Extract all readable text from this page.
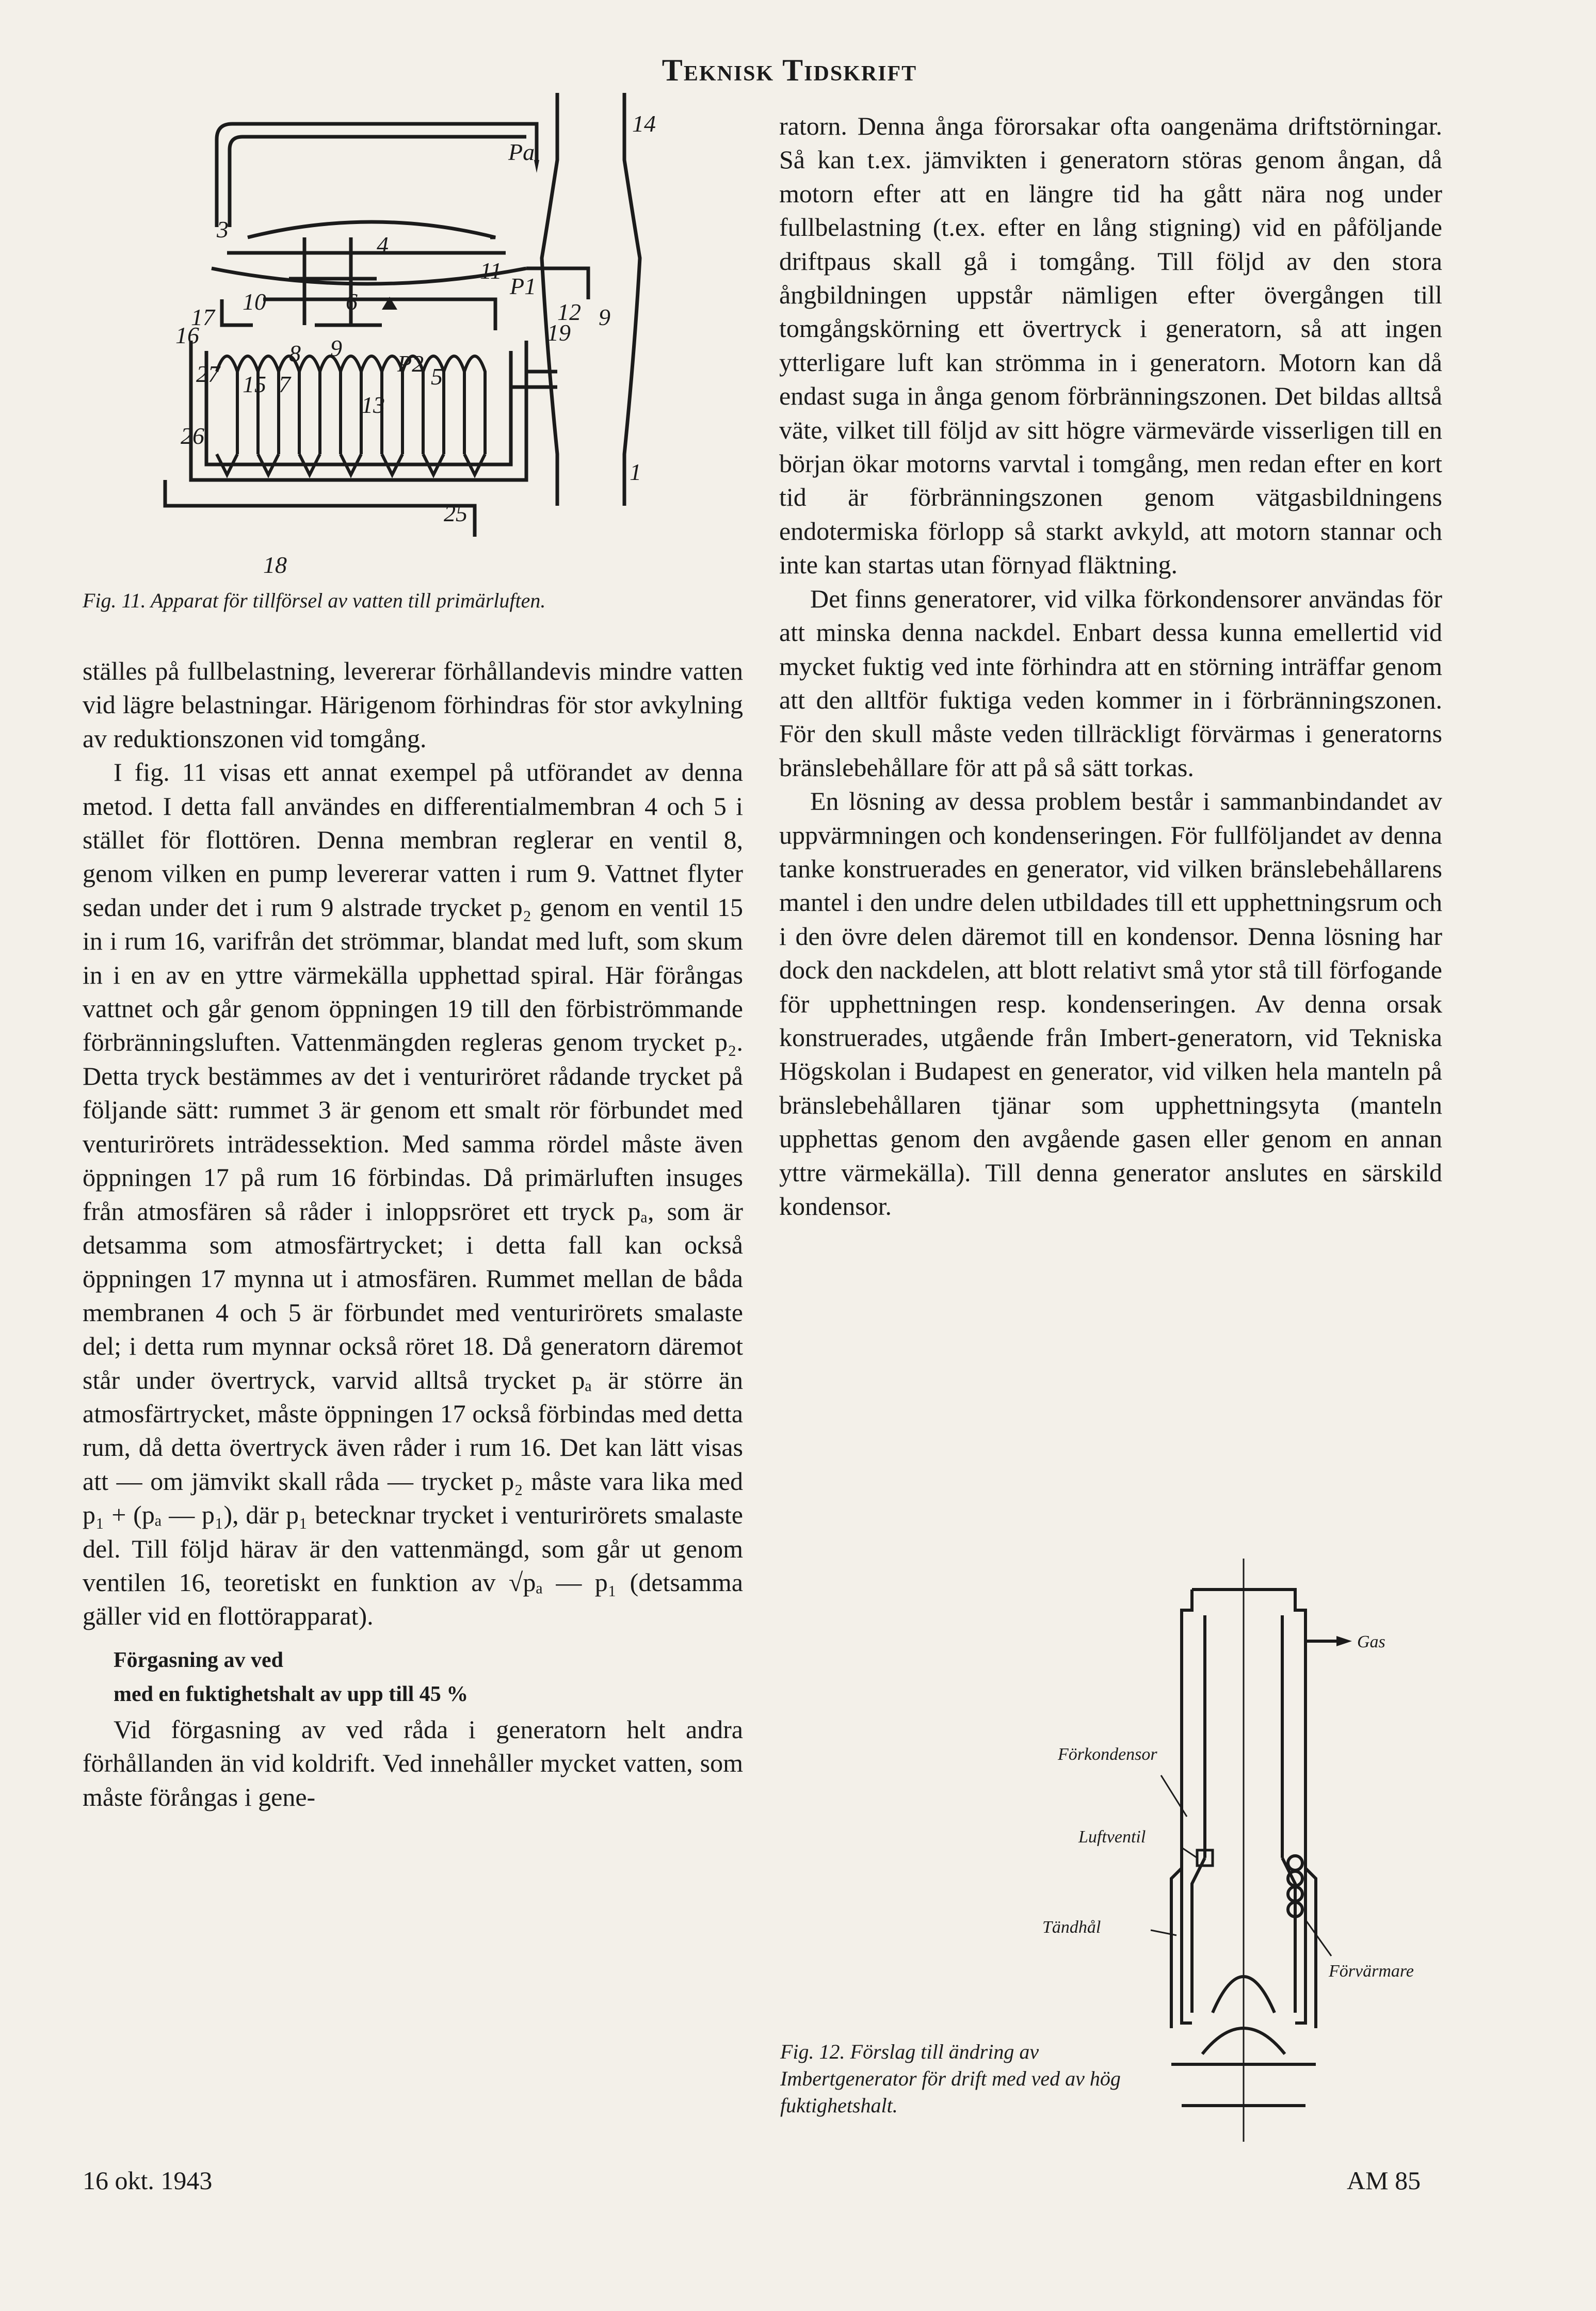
Teknisk Tidskrift
14
Pa
3
4
11
P1
12 9
19
10	6
17
16
8 9
P2 5
27 15 7
13
26
1
25
18
Fig. 11. Apparat för tillförsel av vatten till primärluften.

ställes på fullbelastning, levererar förhållandevis mindre vatten vid lägre belastningar. Härigenom förhindras för stor avkylning av reduktionszonen vid tomgång.

I fig. 11 visas ett annat exempel på utförandet av denna metod. I detta fall användes en differentialmembran 4 och 5 i stället för flottören. Denna membran reglerar en ventil 8, genom vilken en pump levererar vatten i rum 9. Vattnet flyter sedan under det i rum 9 alstrade trycket p₂ genom en ventil 15 in i rum 16, varifrån det strömmar, blandat med luft, som skum in i en av en yttre värmekälla upphettad spiral. Här förångas vattnet och går genom öppningen 19 till den förbiströmmande förbränningsluften. Vattenmängden regleras genom trycket p₂. Detta tryck bestämmes av det i venturiröret rådande trycket på följande sätt: rummet 3 är genom ett smalt rör förbundet med venturirörets inträdessektion. Med samma rördel måste även öppningen 17 på rum 16 förbindas. Då primärluften insuges från atmosfären så råder i inloppsröret ett tryck pₐ, som är detsamma som atmosfärtrycket; i detta fall kan också öppningen 17 mynna ut i atmosfären. Rummet mellan de båda membranen 4 och 5 är förbundet med venturirörets smalaste del; i detta rum mynnar också röret 18. Då generatorn däremot står under övertryck, varvid alltså trycket pₐ är större än atmosfärtrycket, måste öppningen 17 också förbindas med detta rum, då detta övertryck även råder i rum 16. Det kan lätt visas att — om jämvikt skall råda — trycket p₂ måste vara lika med p₁ + (pₐ — p₁), där p₁ betecknar trycket i venturirörets smalaste del. Till följd härav är den vattenmängd, som går ut genom ventilen 16, teoretiskt en funktion av √pₐ — p₁ (detsamma gäller vid en flottörapparat).

Förgasning av ved
med en fuktighetshalt av upp till 45 %

Vid förgasning av ved råda i generatorn helt andra förhållanden än vid koldrift. Ved innehåller mycket vatten, som måste förångas i gene-

ratorn. Denna ånga förorsakar ofta oangenäma driftstörningar. Så kan t.ex. jämvikten i generatorn störas genom ångan, då motorn efter att en längre tid ha gått nära nog under fullbelastning (t.ex. efter en lång stigning) vid en påföljande driftpaus skall gå i tomgång. Till följd av den stora ångbildningen uppstår nämligen efter övergången till tomgångskörning ett övertryck i generatorn, så att ingen ytterligare luft kan strömma in i generatorn. Motorn kan då endast suga in ånga genom förbränningszonen. Det bildas alltså väte, vilket till följd av sitt högre värmevärde visserligen till en början ökar motorns varvtal i tomgång, men redan efter en kort tid är förbränningszonen genom vätgasbildningens endotermiska förlopp så starkt avkyld, att motorn stannar och inte kan startas utan förnyad fläktning.

Det finns generatorer, vid vilka förkondensorer användas för att minska denna nackdel. Enbart dessa kunna emellertid vid mycket fuktig ved inte förhindra att en störning inträffar genom att den alltför fuktiga veden kommer in i förbränningszonen. För den skull måste veden tillräckligt förvärmas i generatorns bränslebehållare för att på så sätt torkas.

En lösning av dessa problem består i sammanbindandet av uppvärmningen och kondenseringen. För fullföljandet av denna tanke konstruerades en generator, vid vilken bränslebehållarens mantel i den undre delen utbildades till ett upphettningsrum och i den övre delen däremot till en kondensor. Denna lösning har dock den nackdelen, att blott relativt små ytor stå till förfogande för upphettningen resp. kondenseringen. Av denna orsak konstruerades, utgående från Imbert-generatorn, vid Tekniska Högskolan i Budapest en generator, vid vilken hela manteln på bränslebehållaren tjänar som upphettningsyta (manteln upphettas genom den avgående gasen eller genom en annan yttre värmekälla). Till denna generator anslutes en särskild kondensor.

Gas
Förkondensor
Luftventil
Tändhål
Förvärmare
Fig. 12. Förslag till ändring av Imbertgenerator för drift med ved av hög fuktighetshalt.
16 okt. 1943	AM 85
